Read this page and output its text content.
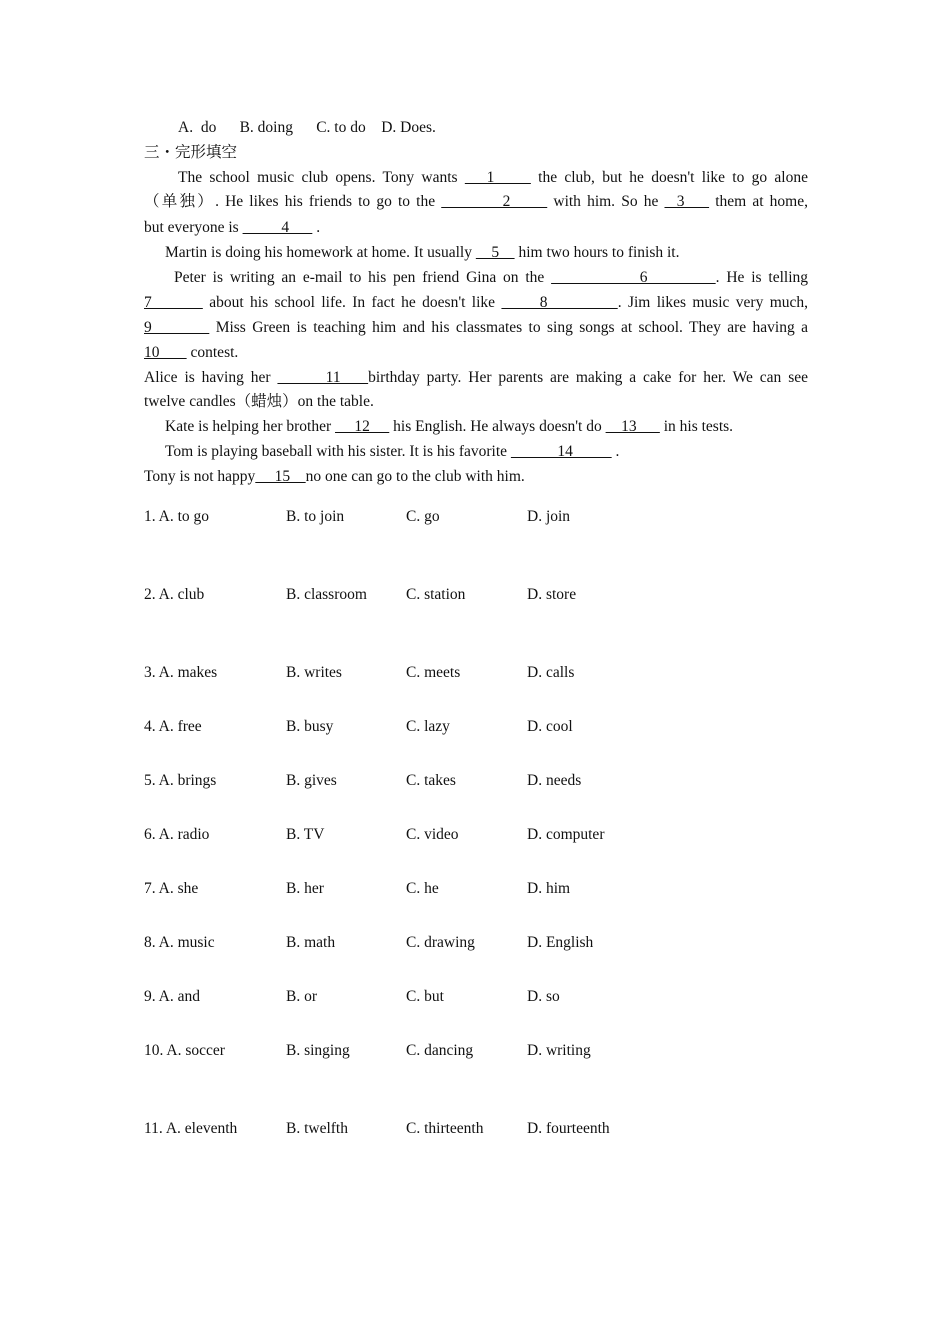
A.  do      B. doing      C. to do    D. Does.
三・完形填空
The school music club opens. Tony wants    1      the club, but he doesn't like to go alone
（单独）. He likes his friends to go to the           2       with him. So he   3     them at home,
but everyone is           4       .
Martin is doing his homework at home. It usually     5     him two hours to finish it.
Peter is writing an e-mail to his pen friend Gina on the              6          . He is telling
7         about his school life. In fact he doesn't like       8           . Jim likes music very much,
9          Miss Green is teaching him and his classmates to sing songs at school. They are having a
10        contest.
Alice is having her        11    birthday party. Her parents are making a cake for her. We can see
twelve candles（蜡烛）on the table.
Kate is helping her brother      12      his English. He always doesn't do     13       in his tests.
Tom is playing baseball with his sister. It is his favorite             14           .
Tony is not happy     15    no one can go to the club with him.
1. A. to go	B. to join	C. go	D. join
2. A. club	B. classroom	C. station	D. store
3. A. makes	B. writes	C. meets	D. calls
4. A. free	B. busy	C. lazy	D. cool
5. A. brings	B. gives	C. takes	D. needs
6. A. radio	B. TV	C. video	D. computer
7. A. she	B. her	C. he	D. him
8. A. music	B. math	C. drawing	D. English
9. A. and	B. or	C. but	D. so
10. A. soccer	B. singing	C. dancing	D. writing
11. A. eleventh	B. twelfth	C. thirteenth	D. fourteenth
